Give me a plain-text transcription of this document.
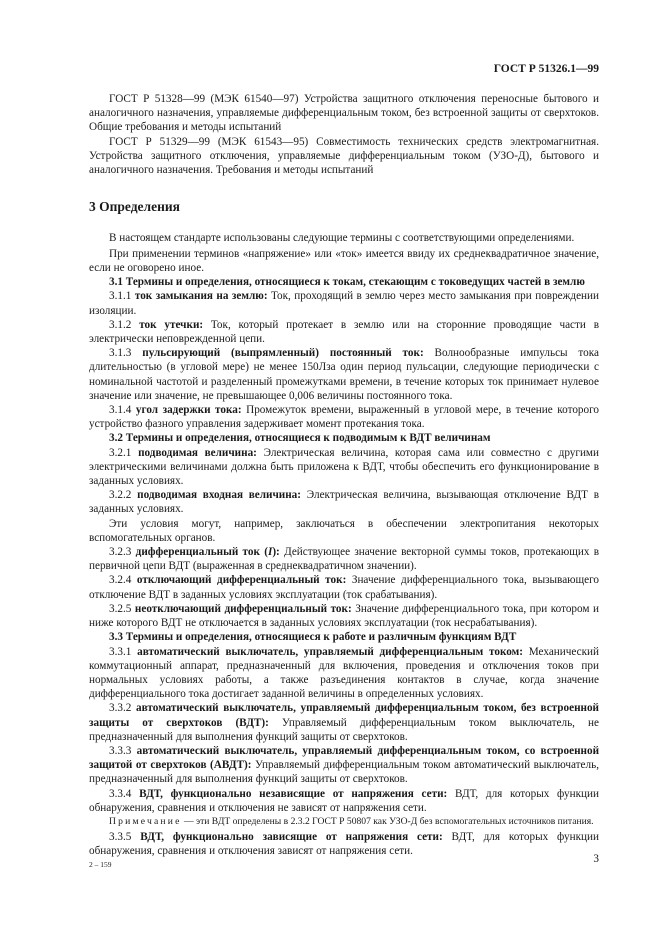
ГОСТ Р 51326.1—99

ГОСТ Р 51328—99 (МЭК 61540—97) Устройства защитного отключения переносные бытового и аналогичного назначения, управляемые дифференциальным током, без встроенной защиты от сверхтоков. Общие требования и методы испытаний

ГОСТ Р 51329—99 (МЭК 61543—95) Совместимость технических средств электромагнитная. Устройства защитного отключения, управляемые дифференциальным током (УЗО-Д), бытового и аналогичного назначения. Требования и методы испытаний

3 Определения

В настоящем стандарте использованы следующие термины с соответствующими определениями.

При применении терминов «напряжение» или «ток» имеется ввиду их среднеквадратичное значение, если не оговорено иное.

3.1 Термины и определения, относящиеся к токам, стекающим с токоведущих частей в землю

3.1.1 ток замыкания на землю: Ток, проходящий в землю через место замыкания при повреждении изоляции.

3.1.2 ток утечки: Ток, который протекает в землю или на сторонние проводящие части в электрически неповрежденной цепи.

3.1.3 пульсирующий (выпрямленный) постоянный ток: Волнообразные импульсы тока длительностью (в угловой мере) не менее 150Лза один период пульсации, следующие периодически с номинальной частотой и разделенный промежутками времени, в течение которых ток принимает нулевое значение или значение, не превышающее 0,006 величины постоянного тока.

3.1.4 угол задержки тока: Промежуток времени, выраженный в угловой мере, в течение которого устройство фазного управления задерживает момент протекания тока.

3.2 Термины и определения, относящиеся к подводимым к ВДТ величинам

3.2.1 подводимая величина: Электрическая величина, которая сама или совместно с другими электрическими величинами должна быть приложена к ВДТ, чтобы обеспечить его функционирование в заданных условиях.

3.2.2 подводимая входная величина: Электрическая величина, вызывающая отключение ВДТ в заданных условиях.

Эти условия могут, например, заключаться в обеспечении электропитания некоторых вспомогательных органов.

3.2.3 дифференциальный ток (I): Действующее значение векторной суммы токов, протекающих в первичной цепи ВДТ (выраженная в среднеквадратичном значении).

3.2.4 отключающий дифференциальный ток: Значение дифференциального тока, вызывающего отключение ВДТ в заданных условиях эксплуатации (ток срабатывания).

3.2.5 неотключающий дифференциальный ток: Значение дифференциального тока, при котором и ниже которого ВДТ не отключается в заданных условиях эксплуатации (ток несрабатывания).

3.3 Термины и определения, относящиеся к работе и различным функциям ВДТ

3.3.1 автоматический выключатель, управляемый дифференциальным током: Механический коммутационный аппарат, предназначенный для включения, проведения и отключения токов при нормальных условиях работы, а также разъединения контактов в случае, когда значение дифференциального тока достигает заданной величины в определенных условиях.

3.3.2 автоматический выключатель, управляемый дифференциальным током, без встроенной защиты от сверхтоков (ВДТ): Управляемый дифференциальным током выключатель, не предназначенный для выполнения функций защиты от сверхтоков.

3.3.3 автоматический выключатель, управляемый дифференциальным током, со встроенной защитой от сверхтоков (АВДТ): Управляемый дифференциальным током автоматический выключатель, предназначенный для выполнения функций защиты от сверхтоков.

3.3.4 ВДТ, функционально независящие от напряжения сети: ВДТ, для которых функции обнаружения, сравнения и отключения не зависят от напряжения сети.

Примечание — эти ВДТ определены в 2.3.2 ГОСТ Р 50807 как УЗО-Д без вспомогательных источников питания.

3.3.5 ВДТ, функционально зависящие от напряжения сети: ВДТ, для которых функции обнаружения, сравнения и отключения зависят от напряжения сети.

2 – 159	3
